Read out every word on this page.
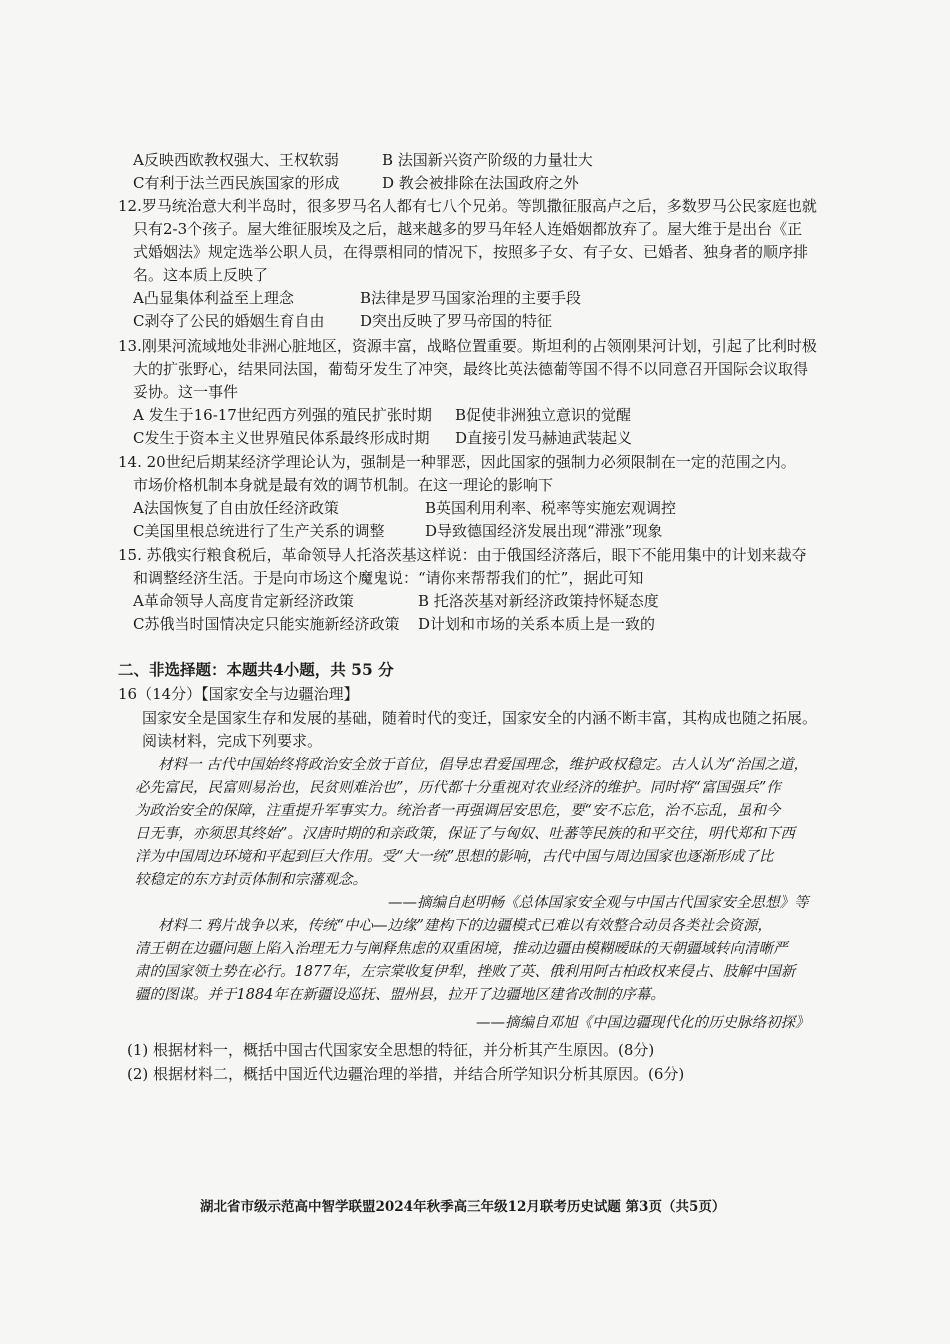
A反映西欧教权强大、王权软弱	B 法国新兴资产阶级的力量壮大
C有利于法兰西民族国家的形成	D 教会被排除在法国政府之外
12.罗马统治意大利半岛时，很多罗马名人都有七八个兄弟。等凯撒征服高卢之后，多数罗马公民家庭也就
只有2-3个孩子。屋大维征服埃及之后，越来越多的罗马年轻人连婚姻都放弃了。屋大维于是出台《正
式婚姻法》规定选举公职人员，在得票相同的情况下，按照多子女、有子女、已婚者、独身者的顺序排
名。这本质上反映了
A凸显集体利益至上理念	B法律是罗马国家治理的主要手段
C剥夺了公民的婚姻生育自由 D突出反映了罗马帝国的特征
13.刚果河流域地处非洲心脏地区，资源丰富，战略位置重要。斯坦利的占领刚果河计划，引起了比利时极
大的扩张野心，结果同法国，葡萄牙发生了冲突，最终比英法德葡等国不得不以同意召开国际会议取得
妥协。这一事件
A 发生于16-17世纪西方列强的殖民扩张时期 B促使非洲独立意识的觉醒
C发生于资本主义世界殖民体系最终形成时期 D直接引发马赫迪武装起义
14. 20世纪后期某经济学理论认为，强制是一种罪恶，因此国家的强制力必须限制在一定的范围之内。
市场价格机制本身就是最有效的调节机制。在这一理论的影响下
A法国恢复了自由放任经济政策	B英国利用利率、税率等实施宏观调控
C美国里根总统进行了生产关系的调整	D导致德国经济发展出现“滞涨”现象
15. 苏俄实行粮食税后，革命领导人托洛茨基这样说：由于俄国经济落后，眼下不能用集中的计划来裁夺
和调整经济生活。于是向市场这个魔鬼说：“请你来帮帮我们的忙”，据此可知
A革命领导人高度肯定新经济政策	B 托洛茨基对新经济政策持怀疑态度
C苏俄当时国情决定只能实施新经济政策 D计划和市场的关系本质上是一致的
二、非选择题：本题共4小题，共 55 分
16（14分）【国家安全与边疆治理】
国家安全是国家生存和发展的基础，随着时代的变迁，国家安全的内涵不断丰富，其构成也随之拓展。
阅读材料，完成下列要求。
材料一 古代中国始终将政治安全放于首位，倡导忠君爱国理念，维护政权稳定。古人认为“治国之道，
必先富民，民富则易治也，民贫则难治也”，历代都十分重视对农业经济的维护。同时将“富国强兵”作
为政治安全的保障，注重提升军事实力。统治者一再强调居安思危，要“安不忘危，治不忘乱，虽和今
日无事，亦须思其终始”。汉唐时期的和亲政策，保证了与匈奴、吐蕃等民族的和平交往，明代郑和下西
洋为中国周边环境和平起到巨大作用。受“大一统”思想的影响，古代中国与周边国家也逐渐形成了比
较稳定的东方封贡体制和宗藩观念。
——摘编自赵明畅《总体国家安全观与中国古代国家安全思想》等
材料二 鸦片战争以来，传统“中心—边缘”建构下的边疆模式已难以有效整合动员各类社会资源，
清王朝在边疆问题上陷入治理无力与阐释焦虑的双重困境，推动边疆由模糊暧昧的天朝疆域转向清晰严
肃的国家领土势在必行。1877年，左宗棠收复伊犁，挫败了英、俄利用阿古柏政权来侵占、肢解中国新
疆的图谋。并于1884年在新疆设巡抚、盟州县，拉开了边疆地区建省改制的序幕。
——摘编自邓旭《中国边疆现代化的历史脉络初探》
(1) 根据材料一，概括中国古代国家安全思想的特征，并分析其产生原因。(8分)
(2) 根据材料二，概括中国近代边疆治理的举措，并结合所学知识分析其原因。(6分)
湖北省市级示范高中智学联盟2024年秋季高三年级12月联考历史试题 第3页（共5页）
